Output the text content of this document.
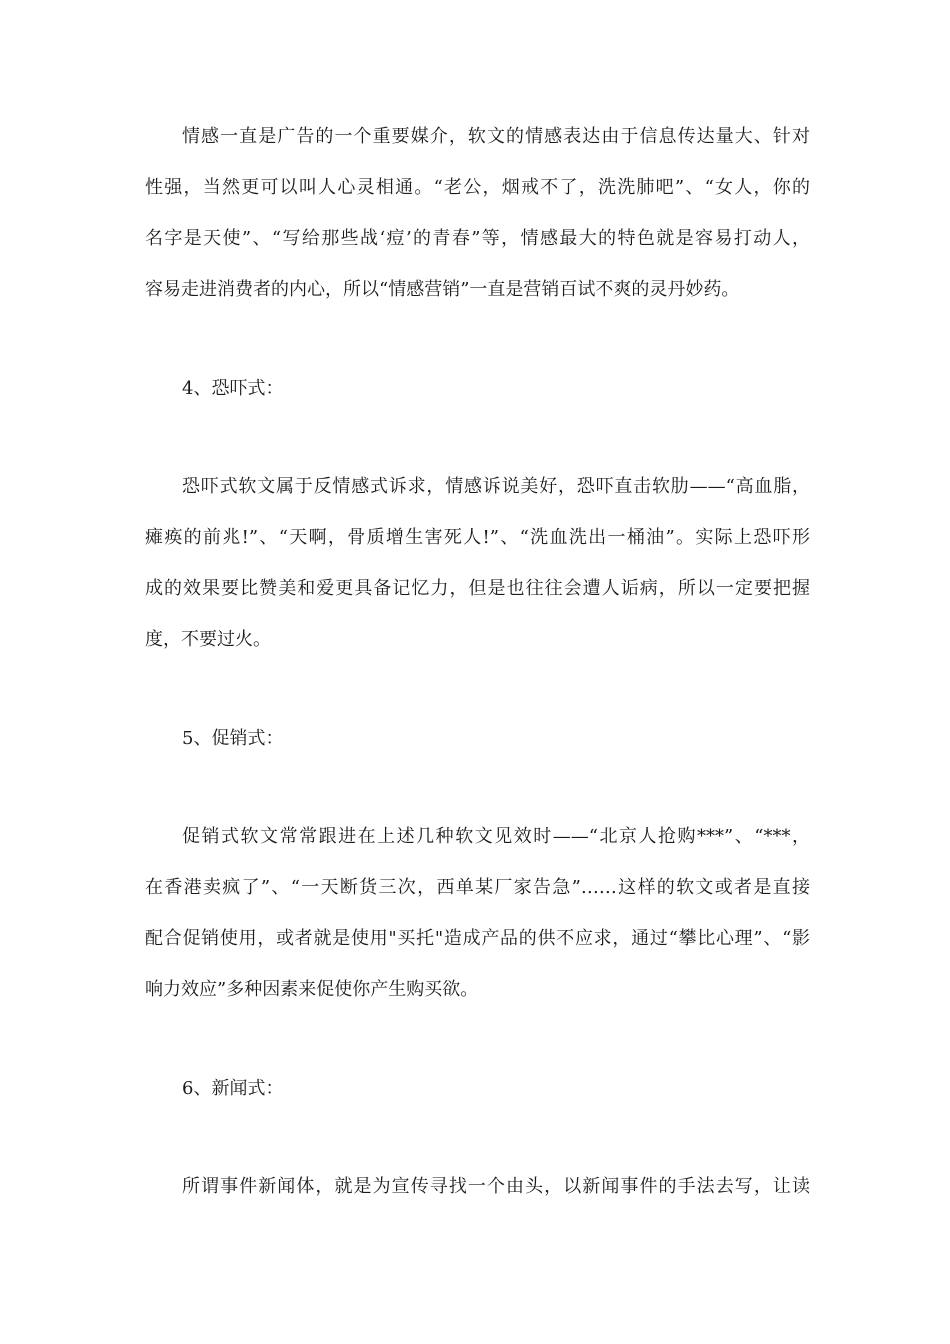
情感一直是广告的一个重要媒介，软文的情感表达由于信息传达量大、针对
性强，当然更可以叫人心灵相通。“老公，烟戒不了，洗洗肺吧”、“女人，你的
名字是天使”、“写给那些战‘痘’的青春”等，情感最大的特色就是容易打动人，
容易走进消费者的内心，所以“情感营销”一直是营销百试不爽的灵丹妙药。
4、恐吓式：
恐吓式软文属于反情感式诉求，情感诉说美好，恐吓直击软肋——“高血脂，
瘫痪的前兆!”、“天啊，骨质增生害死人!”、“洗血洗出一桶油”。实际上恐吓形
成的效果要比赞美和爱更具备记忆力，但是也往往会遭人诟病，所以一定要把握
度，不要过火。
5、促销式：
促销式软文常常跟进在上述几种软文见效时——“北京人抢购***”、“***，
在香港卖疯了”、“一天断货三次，西单某厂家告急”……这样的软文或者是直接
配合促销使用，或者就是使用"买托"造成产品的供不应求，通过“攀比心理”、“影
响力效应”多种因素来促使你产生购买欲。
6、新闻式：
所谓事件新闻体，就是为宣传寻找一个由头，以新闻事件的手法去写，让读
